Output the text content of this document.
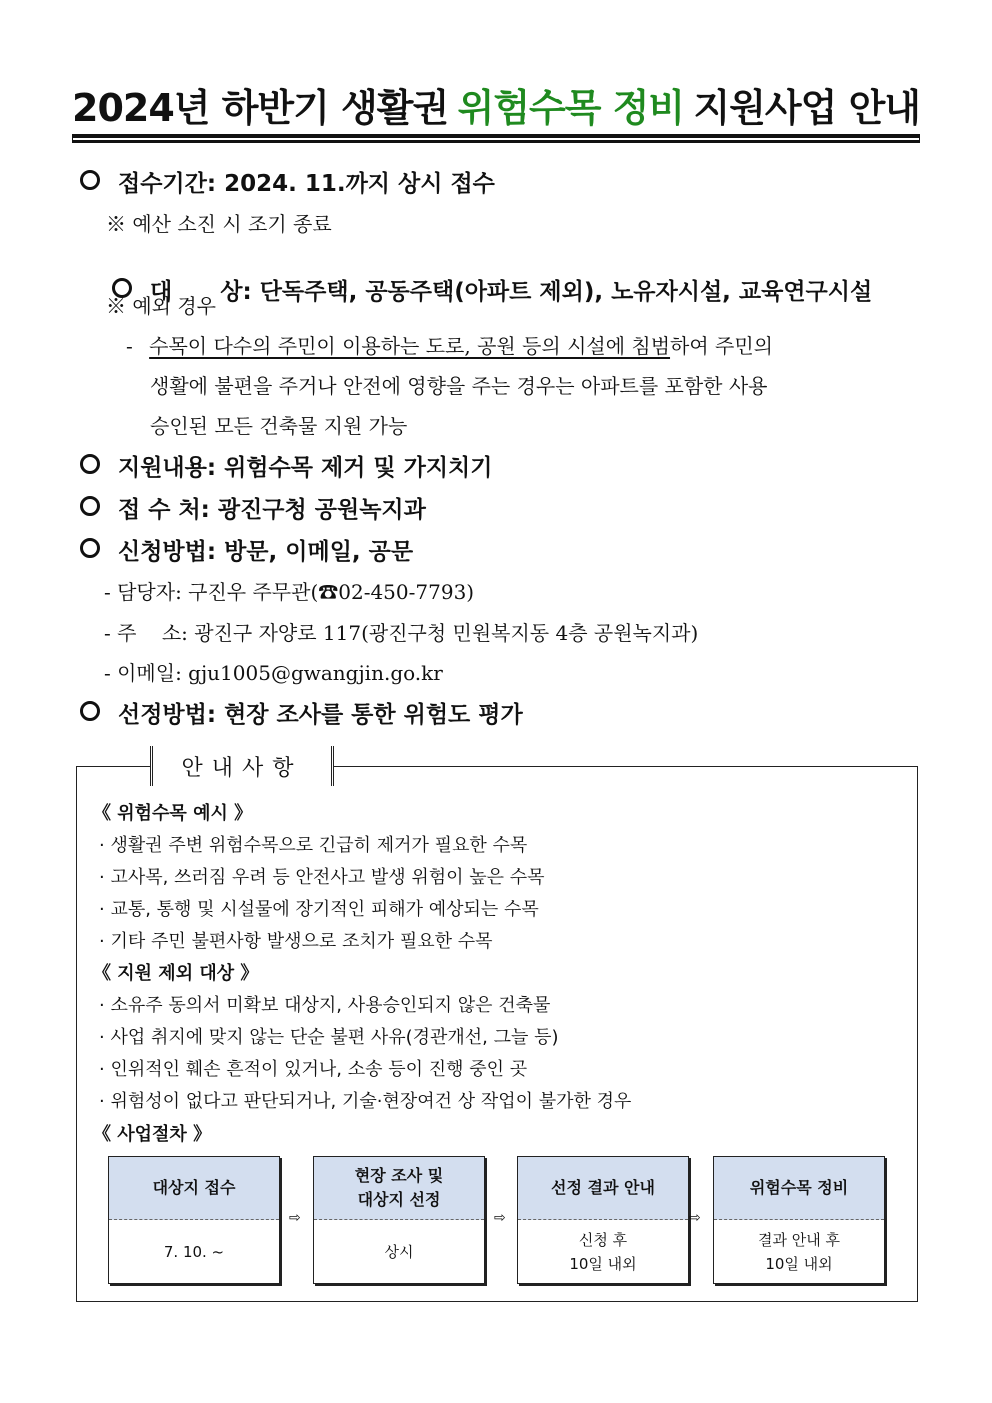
2024년 하반기 생활권 위험수목 정비 지원사업 안내
접수기간: 2024. 11.까지 상시 접수
※ 예산 소진 시 조기 종료

대      상: 단독주택, 공동주택(아파트 제외), 노유자시설, 교육연구시설

※ 예외 경우
- 수목이 다수의 주민이 이용하는 도로, 공원 등의 시설에 침범하여 주민의
생활에 불편을 주거나 안전에 영향을 주는 경우는 아파트를 포함한 사용
승인된 모든 건축물 지원 가능
지원내용: 위험수목 제거 및 가지치기
접 수 처: 광진구청 공원녹지과
신청방법: 방문, 이메일, 공문
- 담당자: 구진우 주무관(☎02-450-7793)
- 주    소: 광진구 자양로 117(광진구청 민원복지동 4층 공원녹지과)
- 이메일: gju1005@gwangjin.go.kr
선정방법: 현장 조사를 통한 위험도 평가
《 위험수목 예시 》
· 생활권 주변 위험수목으로 긴급히 제거가 필요한 수목
· 고사목, 쓰러짐 우려 등 안전사고 발생 위험이 높은 수목
· 교통, 통행 및 시설물에 장기적인 피해가 예상되는 수목
· 기타 주민 불편사항 발생으로 조치가 필요한 수목
《 지원 제외 대상 》
· 소유주 동의서 미확보 대상지, 사용승인되지 않은 건축물
· 사업 취지에 맞지 않는 단순 불편 사유(경관개선, 그늘 등)
· 인위적인 훼손 흔적이 있거나, 소송 등이 진행 중인 곳
· 위험성이 없다고 판단되거나, 기술·현장여건 상 작업이 불가한 경우
《 사업절차 》
안내사항
대상지 접수
7. 10. ~
⇨
현장 조사 및
대상지 선정
상시
⇨
선정 결과 안내
신청 후
10일 내외
⇨
위험수목 정비
결과 안내 후
10일 내외
